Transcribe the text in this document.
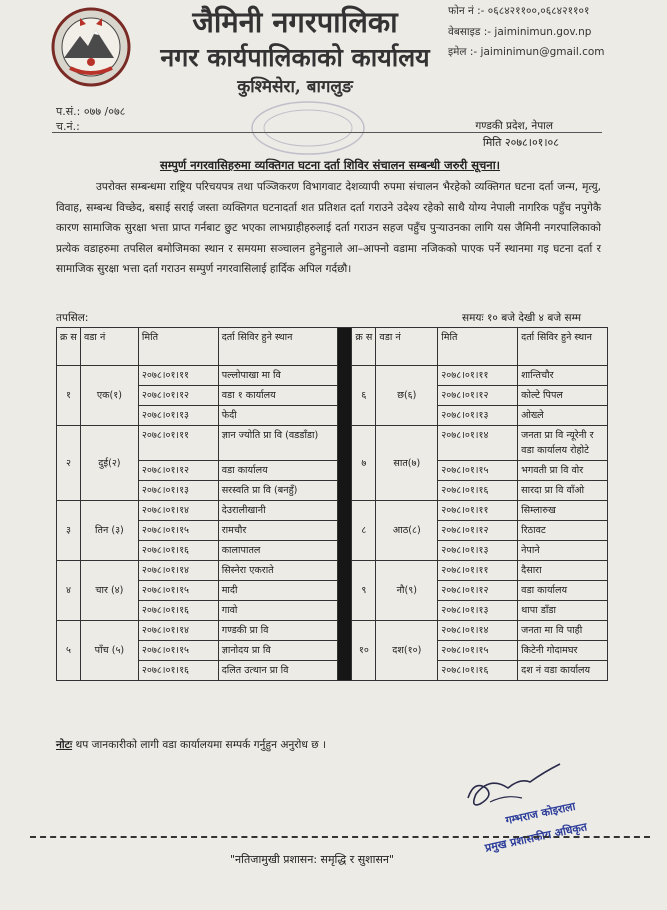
जैमिनी नगरपालिका
नगर कार्यपालिकाको कार्यालय
कुश्मिसेरा, बागलुङ
फोन नं :- ०६८४२११००,०६८४२११०१
वेबसाइड :- jaiminimun.gov.np
इमेल :- jaiminimun@gmail.com
प.सं.: ०७७ /०७८
च.नं.:	गण्डकी प्रदेश, नेपाल
मिति २०७८।०१।०८
सम्पुर्ण नगरवासिहरुमा व्यक्तिगत घटना दर्ता शिविर संचालन सम्बन्धी जरुरी सूचना।
उपरोक्त सम्बन्धमा राष्ट्रिय परिचयपत्र तथा पञ्जिकरण विभागवाट देशव्यापी रुपमा संचालन भैरहेको व्यक्तिगत घटना दर्ता जन्म, मृत्यु, विवाह, सम्बन्ध विच्छेद, बसाई सराई जस्ता व्यक्तिगत घटनादर्ता शत प्रतिशत दर्ता गराउने उदेश्य रहेको साथै योग्य नेपाली नागरिक पहुँच नपुगेकै कारण सामाजिक सुरक्षा भत्ता प्राप्त गर्नबाट छुट भएका लाभग्राहीहरुलाई दर्ता गराउन सहज पहुँच पुऱ्याउनका लागि यस जैमिनी नगरपालिकाको प्रत्येक वडाहरुमा तपसिल बमोजिमका स्थान र समयमा सञ्चालन हुनेहुनाले आ–आफ्नो वडामा नजिकको पाएक पर्ने स्थानमा गइ घटना दर्ता र सामाजिक सुरक्षा भत्ता दर्ता गराउन सम्पुर्ण नगरवासिलाई हार्दिक अपिल गर्दछौ।
तपसिल:	समयः १० बजे देखी ४ बजे सम्म
क्र स	वडा नं	मिति	दर्ता सिविर हुने स्थान		क्र स	वडा नं	मिति	दर्ता सिविर हुने स्थान
१	एक(१)	२०७८।०१।११	पल्लोपाखा मा वि		६	छ(६)	२०७८।०१।११	शान्तिचौर
		२०७८।०१।१२	वडा १ कार्यालय				२०७८।०१।१२	कोल्टे पिपल
		२०७८।०१।१३	फेदी				२०७८।०१।१३	ओख्ले
२	दुई(२)	२०७८।०१।११	ज्ञान ज्योति प्रा वि (वडडाँडा)		७	सात(७)	२०७८।०१।१४	जनता प्रा वि न्यूरेनी र वडा कार्यालय रोहोटे
		२०७८।०१।१२	वडा कार्यालय				२०७८।०१।१५	भगवती प्रा वि वोर
		२०७८।०१।१३	सरस्वति प्रा वि (बनहुँ)				२०७८।०१।१६	सारदा प्रा वि वाँओ
३	तिन (३)	२०७८।०१।१४	देउरालीखानी		८	आठ(८)	२०७८।०१।११	सिम्लारुख
		२०७८।०१।१५	रामचौर				२०७८।०१।१२	रिठावट
		२०७८।०१।१६	कालापातल				२०७८।०१।१३	नेपाने
४	चार (४)	२०७८।०१।१४	सिस्नेरा एकराते		९	नौ(९)	२०७८।०१।११	दैसारा
		२०७८।०१।१५	मादी				२०७८।०१।१२	वडा कार्यालय
		२०७८।०१।१६	गावो				२०७८।०१।१३	थापा डाँडा
५	पाँच (५)	२०७८।०१।१४	गण्डकी प्रा वि		१०	दश(१०)	२०७८।०१।१४	जनता मा वि पाही
		२०७८।०१।१५	ज्ञानोदय प्रा वि				२०७८।०१।१५	किटेनी गोदामघर
		२०७८।०१।१६	दलित उत्थान प्रा वि				२०७८।०१।१६	दश नं वडा कार्यालय
नोटः थप जानकारीको लागी वडा कार्यालयमा सम्पर्क गर्नुहुन अनुरोध छ ।
गम्भराज कोइराला
प्रमुख प्रशासकीय अधिकृत
"नतिजामुखी प्रशासन: समृद्धि र सुशासन"
